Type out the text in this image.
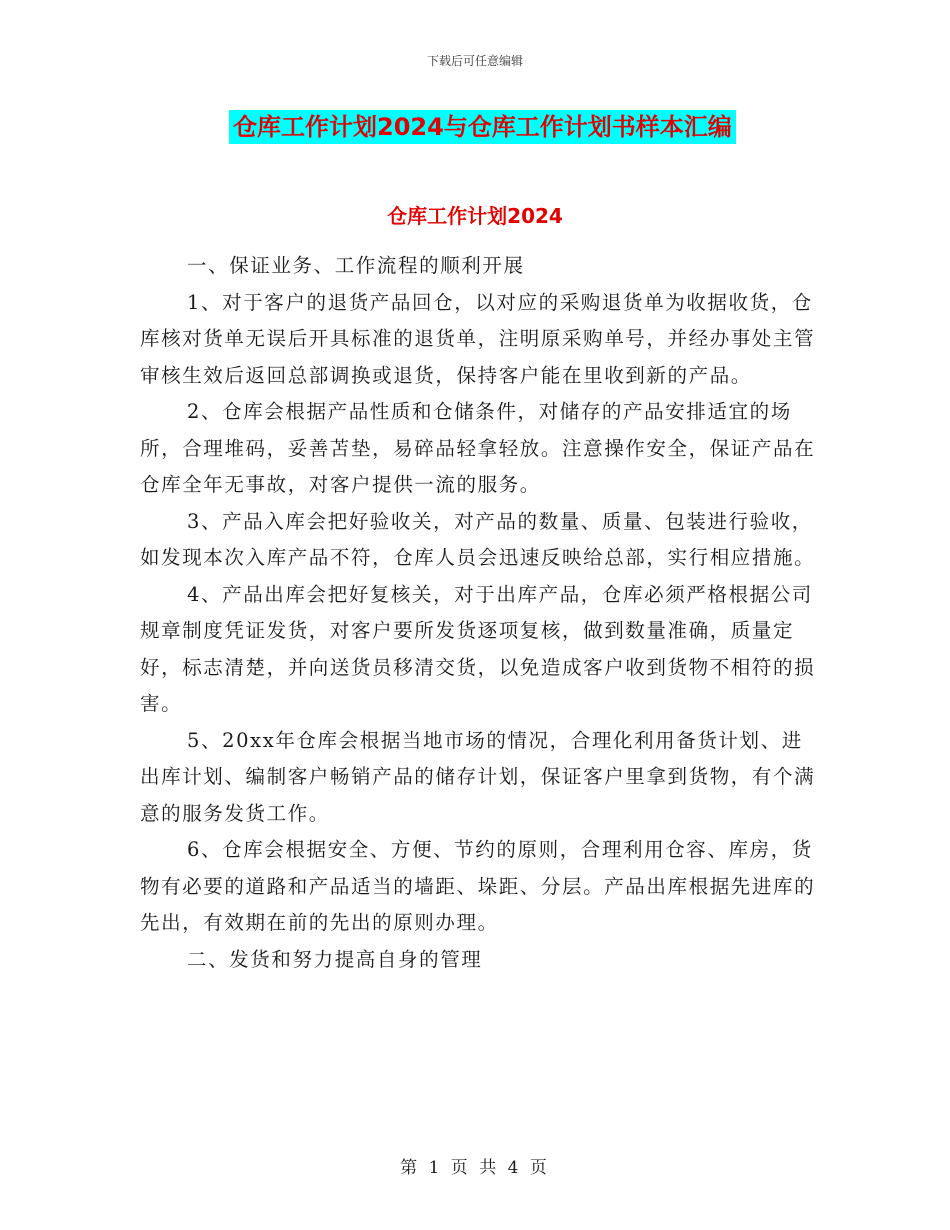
下载后可任意编辑
仓库工作计划2024与仓库工作计划书样本汇编
仓库工作计划2024

一、保证业务、工作流程的顺利开展

1、对于客户的退货产品回仓，以对应的采购退货单为收据收货，仓库核对货单无误后开具标准的退货单，注明原采购单号，并经办事处主管审核生效后返回总部调换或退货，保持客户能在里收到新的产品。

2、仓库会根据产品性质和仓储条件，对储存的产品安排适宜的场所，合理堆码，妥善苫垫，易碎品轻拿轻放。注意操作安全，保证产品在仓库全年无事故，对客户提供一流的服务。

3、产品入库会把好验收关，对产品的数量、质量、包装进行验收，如发现本次入库产品不符，仓库人员会迅速反映给总部，实行相应措施。

4、产品出库会把好复核关，对于出库产品，仓库必须严格根据公司规章制度凭证发货，对客户要所发货逐项复核，做到数量准确，质量定好，标志清楚，并向送货员移清交货，以免造成客户收到货物不相符的损害。

5、20xx年仓库会根据当地市场的情况，合理化利用备货计划、进出库计划、编制客户畅销产品的储存计划，保证客户里拿到货物，有个满意的服务发货工作。

6、仓库会根据安全、方便、节约的原则，合理利用仓容、库房，货物有必要的道路和产品适当的墙距、垛距、分层。产品出库根据先进库的先出，有效期在前的先出的原则办理。

二、发货和努力提高自身的管理

第 1 页 共 4 页
